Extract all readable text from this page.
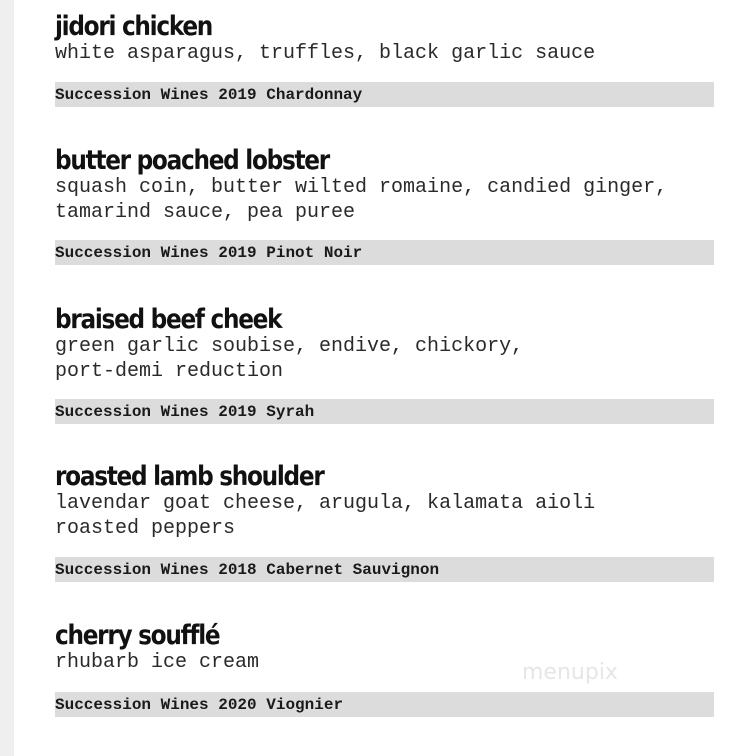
jidori chicken
white asparagus, truffles, black garlic sauce
Succession Wines 2019 Chardonnay
butter poached lobster
squash coin, butter wilted romaine, candied ginger,
tamarind sauce, pea puree
Succession Wines 2019 Pinot Noir
braised beef cheek
green garlic soubise, endive, chickory,
port-demi reduction
Succession Wines 2019 Syrah
roasted lamb shoulder
lavendar goat cheese, arugula, kalamata aioli
roasted peppers
Succession Wines 2018 Cabernet Sauvignon
cherry soufflé
rhubarb ice cream
Succession Wines 2020 Viognier
menupix
